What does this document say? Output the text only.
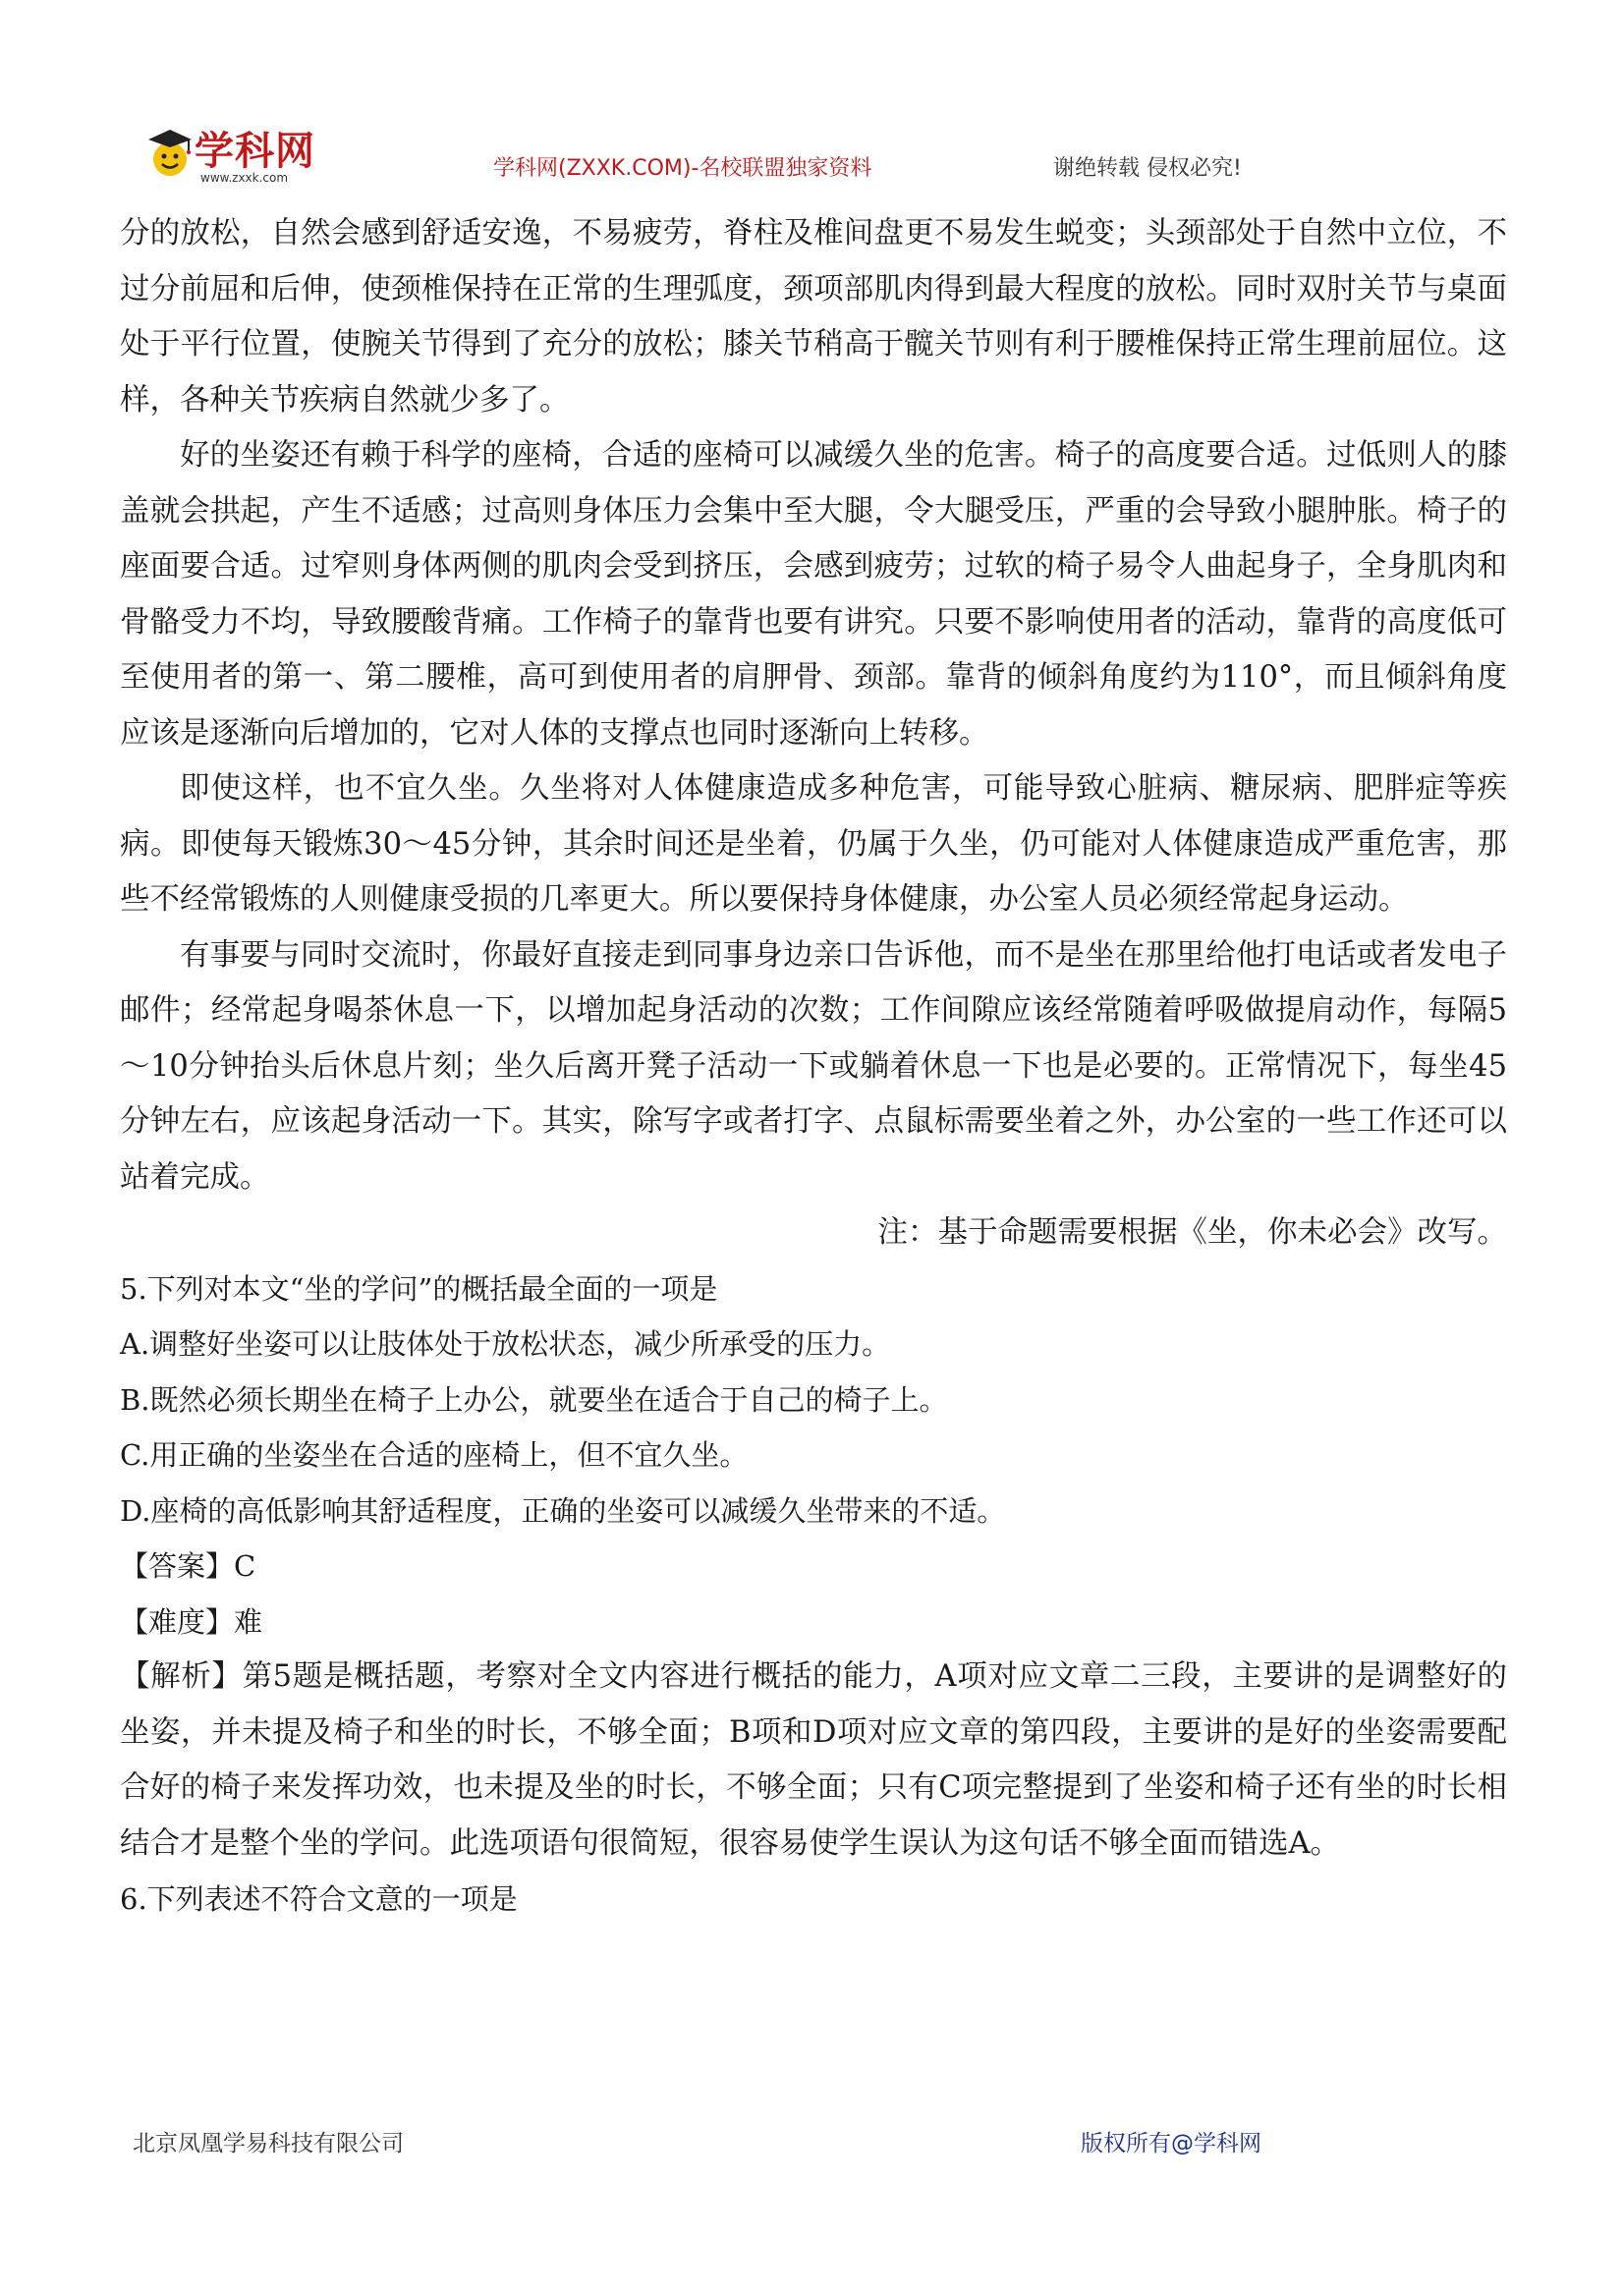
学科网
www.zxxk.com	学科网(ZXXK.COM)-名校联盟独家资料	谢绝转载 侵权必究!

分的放松，自然会感到舒适安逸，不易疲劳，脊柱及椎间盘更不易发生蜕变；头颈部处于自然中立位，不过分前屈和后伸，使颈椎保持在正常的生理弧度，颈项部肌肉得到最大程度的放松。同时双肘关节与桌面处于平行位置，使腕关节得到了充分的放松；膝关节稍高于髋关节则有利于腰椎保持正常生理前屈位。这样，各种关节疾病自然就少多了。

好的坐姿还有赖于科学的座椅，合适的座椅可以减缓久坐的危害。椅子的高度要合适。过低则人的膝盖就会拱起，产生不适感；过高则身体压力会集中至大腿，令大腿受压，严重的会导致小腿肿胀。椅子的座面要合适。过窄则身体两侧的肌肉会受到挤压，会感到疲劳；过软的椅子易令人曲起身子，全身肌肉和骨骼受力不均，导致腰酸背痛。工作椅子的靠背也要有讲究。只要不影响使用者的活动，靠背的高度低可至使用者的第一、第二腰椎，高可到使用者的肩胛骨、颈部。靠背的倾斜角度约为110°，而且倾斜角度应该是逐渐向后增加的，它对人体的支撑点也同时逐渐向上转移。

即使这样，也不宜久坐。久坐将对人体健康造成多种危害，可能导致心脏病、糖尿病、肥胖症等疾病。即使每天锻炼30～45分钟，其余时间还是坐着，仍属于久坐，仍可能对人体健康造成严重危害，那些不经常锻炼的人则健康受损的几率更大。所以要保持身体健康，办公室人员必须经常起身运动。

有事要与同时交流时，你最好直接走到同事身边亲口告诉他，而不是坐在那里给他打电话或者发电子邮件；经常起身喝茶休息一下，以增加起身活动的次数；工作间隙应该经常随着呼吸做提肩动作，每隔5～10分钟抬头后休息片刻；坐久后离开凳子活动一下或躺着休息一下也是必要的。正常情况下，每坐45分钟左右，应该起身活动一下。其实，除写字或者打字、点鼠标需要坐着之外，办公室的一些工作还可以站着完成。

注：基于命题需要根据《坐，你未必会》改写。

5.下列对本文“坐的学问”的概括最全面的一项是

A.调整好坐姿可以让肢体处于放松状态，减少所承受的压力。

B.既然必须长期坐在椅子上办公，就要坐在适合于自己的椅子上。

C.用正确的坐姿坐在合适的座椅上，但不宜久坐。

D.座椅的高低影响其舒适程度，正确的坐姿可以减缓久坐带来的不适。

【答案】C

【难度】难

【解析】第5题是概括题，考察对全文内容进行概括的能力，A项对应文章二三段，主要讲的是调整好的坐姿，并未提及椅子和坐的时长，不够全面；B项和D项对应文章的第四段，主要讲的是好的坐姿需要配合好的椅子来发挥功效，也未提及坐的时长，不够全面；只有C项完整提到了坐姿和椅子还有坐的时长相结合才是整个坐的学问。此选项语句很简短，很容易使学生误认为这句话不够全面而错选A。

6.下列表述不符合文意的一项是

北京凤凰学易科技有限公司	版权所有@学科网
